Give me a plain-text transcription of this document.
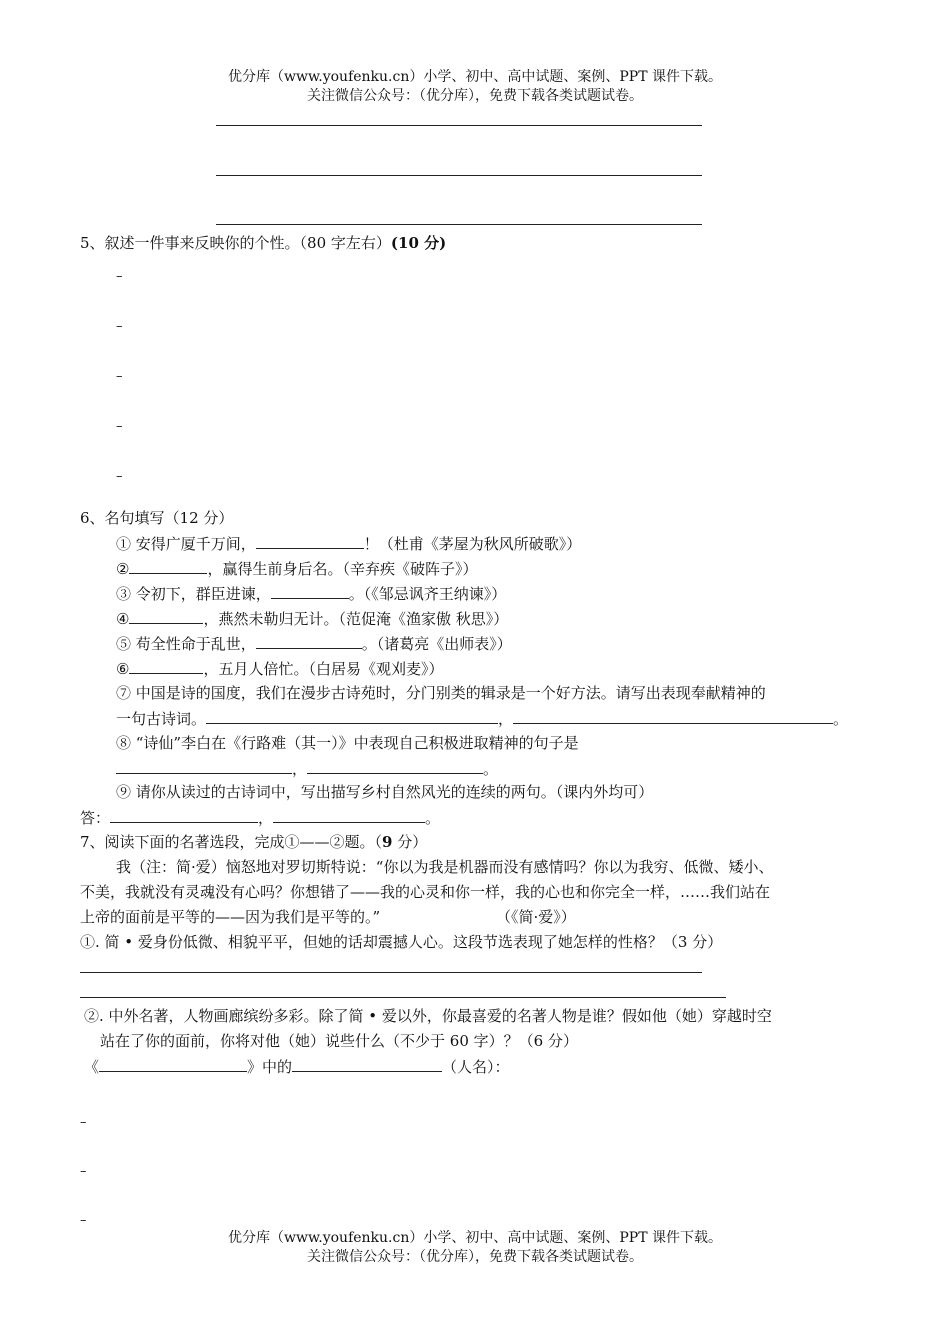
优分库（www.youfenku.cn）小学、初中、高中试题、案例、PPT 课件下载。
关注微信公众号：（优分库），免费下载各类试题试卷。
5、叙述一件事来反映你的个性。（80 字左右）(10 分)
–
–
–
–
–
6、名句填写（12 分）
① 安得广厦千万间，	！（杜甫《茅屋为秋风所破歌》）
②	，赢得生前身后名。（辛弃疾《破阵子》）
③ 令初下，群臣进谏，	。（《邹忌讽齐王纳谏》）
④	，燕然未勒归无计。（范促淹《渔家傲 秋思》）
⑤ 苟全性命于乱世，	。（诸葛亮《出师表》）
⑥	，五月人倍忙。（白居易《观刈麦》）
⑦ 中国是诗的国度，我们在漫步古诗苑时，分门别类的辑录是一个好方法。请写出表现奉献精神的
一句古诗词。	，	。
⑧ “诗仙”李白在《行路难（其一）》中表现自己积极进取精神的句子是
，	。
⑨ 请你从读过的古诗词中，写出描写乡村自然风光的连续的两句。（课内外均可）
答：	，	。
7、阅读下面的名著选段，完成①——②题。（9 分）
我（注：简·爱）恼怒地对罗切斯特说：“你以为我是机器而没有感情吗？你以为我穷、低微、矮小、
不美，我就没有灵魂没有心吗？你想错了——我的心灵和你一样，我的心也和你完全一样，……我们站在
上帝的面前是平等的——因为我们是平等的。”	（《简·爱》）
①. 简 • 爱身份低微、相貌平平，但她的话却震撼人心。这段节选表现了她怎样的性格？（3 分）
②. 中外名著，人物画廊缤纷多彩。除了简 • 爱以外，你最喜爱的名著人物是谁？假如他（她）穿越时空
站在了你的面前，你将对他（她）说些什么（不少于 60 字）？（6 分）
《	》中的	（人名）：
–
–
–
优分库（www.youfenku.cn）小学、初中、高中试题、案例、PPT 课件下载。
关注微信公众号：（优分库），免费下载各类试题试卷。
